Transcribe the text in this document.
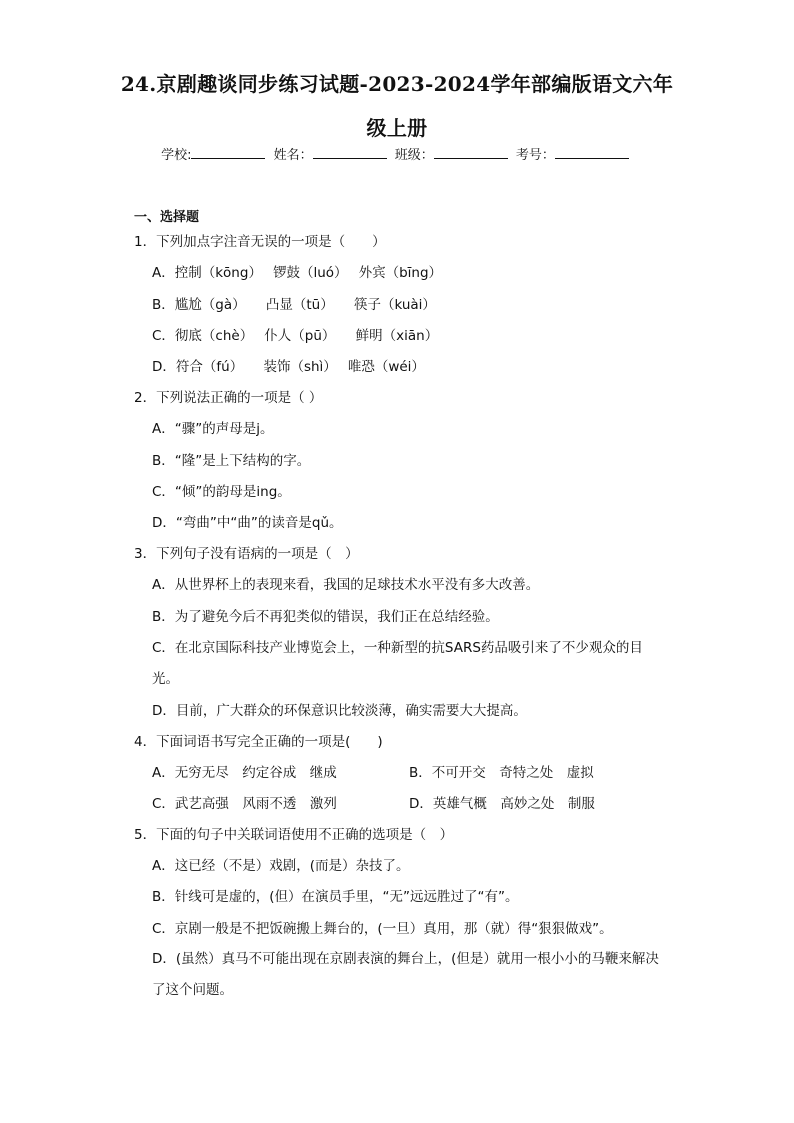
24.京剧趣谈同步练习试题-2023-2024学年部编版语文六年
级上册
学校:	姓名：	班级：	考号：
一、选择题
1．下列加点字注音无误的一项是（　　）
A．控制（kōng）　 锣鼓（luó）　 外宾（bīng）
B．尴尬（gà）　　凸显（tū）　　筷子（kuài）
C．彻底（chè）　 仆人（pū）　　鲜明（xiān）
D．符合（fú）　　装饰（shì）　 唯恐（wéi）
2．下列说法正确的一项是（ ）
A．“骤”的声母是j。
B．“隆”是上下结构的字。
C．“倾”的韵母是ing。
D．“弯曲”中“曲”的读音是qǔ。
3．下列句子没有语病的一项是（　）
A．从世界杯上的表现来看，我国的足球技术水平没有多大改善。
B．为了避免今后不再犯类似的错误，我们正在总结经验。
C．在北京国际科技产业博览会上，一种新型的抗SARS药品吸引来了不少观众的目光。
D．目前，广大群众的环保意识比较淡薄，确实需要大大提高。
4．下面词语书写完全正确的一项是(　　)
A．无穷无尽　约定谷成　继成	B．不可开交　奇特之处　虚拟
C．武艺高强　风雨不透　激列	D．英雄气概　高妙之处　制服
5．下面的句子中关联词语使用不正确的选项是（　）
A．这已经（不是）戏剧，(而是）杂技了。
B．针线可是虚的，(但）在演员手里，“无”远远胜过了“有”。
C．京剧一般是不把饭碗搬上舞台的，(一旦）真用，那（就）得“狠狠做戏”。
D．(虽然）真马不可能出现在京剧表演的舞台上，(但是）就用一根小小的马鞭来解决了这个问题。
